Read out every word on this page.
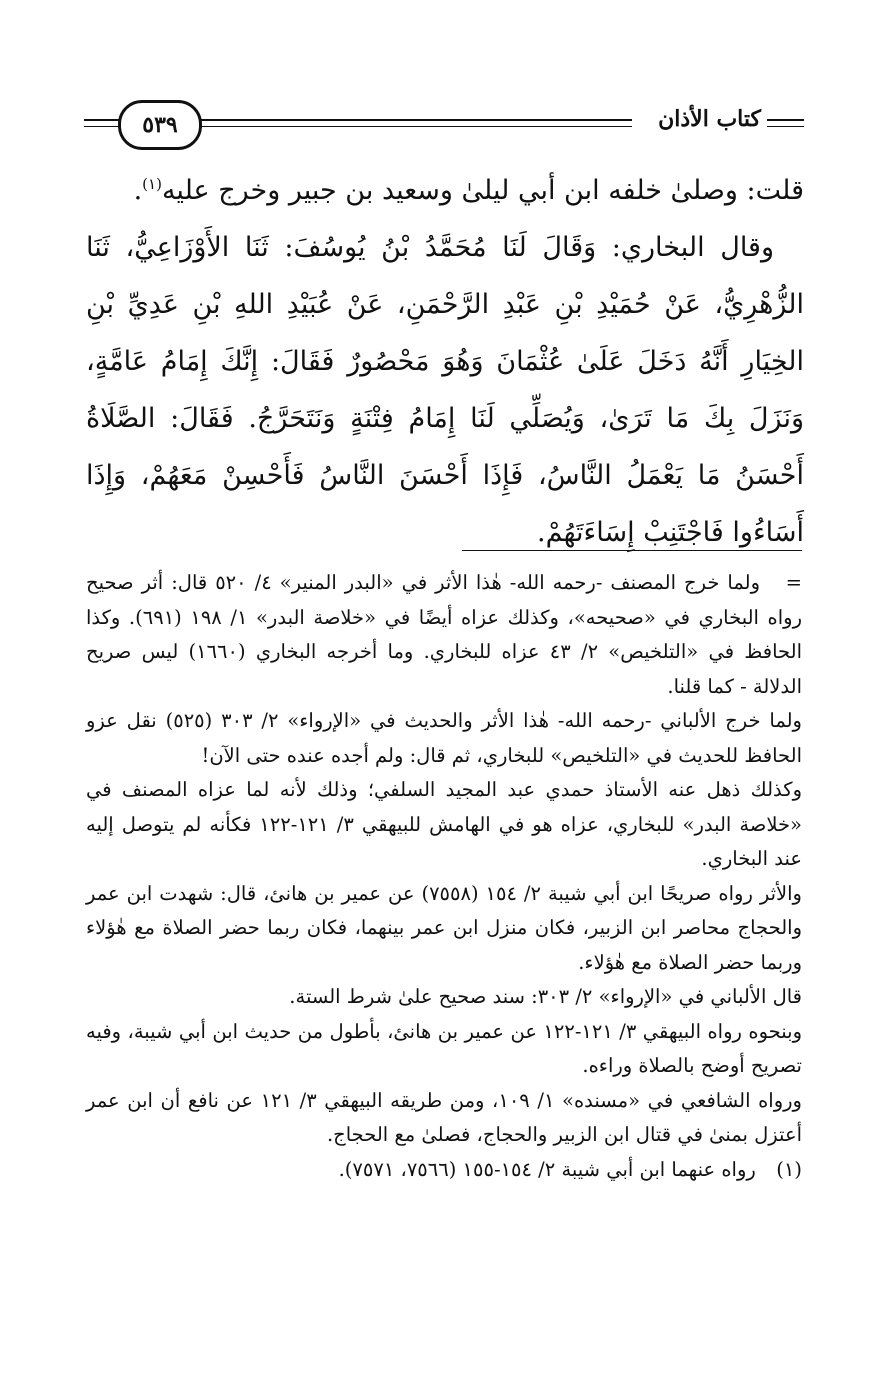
٥٣٩	كتاب الأذان

قلت: وصلىٰ خلفه ابن أبي ليلىٰ وسعيد بن جبير وخرج عليه$^{(١)}$.

وقال البخاري: وَقَالَ لَنَا مُحَمَّدُ بْنُ يُوسُفَ: ثَنَا الأَوْزَاعِيُّ، ثَنَا الزُّهْرِيُّ، عَنْ حُمَيْدِ بْنِ عَبْدِ الرَّحْمَنِ، عَنْ عُبَيْدِ اللهِ بْنِ عَدِيِّ بْنِ الخِيَارِ أَنَّهُ دَخَلَ عَلَىٰ عُثْمَانَ وَهُوَ مَحْصُورٌ فَقَالَ: إِنَّكَ إِمَامُ عَامَّةٍ، وَنَزَلَ بِكَ مَا تَرَىٰ، وَيُصَلِّي لَنَا إِمَامُ فِتْنَةٍ وَنَتَحَرَّجُ. فَقَالَ: الصَّلَاةُ أَحْسَنُ مَا يَعْمَلُ النَّاسُ، فَإِذَا أَحْسَنَ النَّاسُ فَأَحْسِنْ مَعَهُمْ، وَإِذَا أَسَاءُوا فَاجْتَنِبْ إِسَاءَتَهُمْ.

= ولما خرج المصنف -رحمه الله- هٰذا الأثر في «البدر المنير» ٤/ ٥٢٠ قال: أثر صحيح رواه البخاري في «صحيحه»، وكذلك عزاه أيضًا في «خلاصة البدر» ١/ ١٩٨ (٦٩١). وكذا الحافظ في «التلخيص» ٢/ ٤٣ عزاه للبخاري. وما أخرجه البخاري (١٦٦٠) ليس صريح الدلالة - كما قلنا.

ولما خرج الألباني -رحمه الله- هٰذا الأثر والحديث في «الإرواء» ٢/ ٣٠٣ (٥٢٥) نقل عزو الحافظ للحديث في «التلخيص» للبخاري، ثم قال: ولم أجده عنده حتى الآن!

وكذلك ذهل عنه الأستاذ حمدي عبد المجيد السلفي؛ وذلك لأنه لما عزاه المصنف في «خلاصة البدر» للبخاري، عزاه هو في الهامش للبيهقي ٣/ ١٢١-١٢٢ فكأنه لم يتوصل إليه عند البخاري.

والأثر رواه صريحًا ابن أبي شيبة ٢/ ١٥٤ (٧٥٥٨) عن عمير بن هانئ، قال: شهدت ابن عمر والحجاج محاصر ابن الزبير، فكان منزل ابن عمر بينهما، فكان ربما حضر الصلاة مع هٰؤلاء وربما حضر الصلاة مع هٰؤلاء.

قال الألباني في «الإرواء» ٢/ ٣٠٣: سند صحيح علىٰ شرط الستة.

وبنحوه رواه البيهقي ٣/ ١٢١-١٢٢ عن عمير بن هانئ، بأطول من حديث ابن أبي شيبة، وفيه تصريح أوضح بالصلاة وراءه.

ورواه الشافعي في «مسنده» ١/ ١٠٩، ومن طريقه البيهقي ٣/ ١٢١ عن نافع أن ابن عمر أعتزل بمنىٰ في قتال ابن الزبير والحجاج، فصلىٰ مع الحجاج.

(١) رواه عنهما ابن أبي شيبة ٢/ ١٥٤-١٥٥ (٧٥٦٦، ٧٥٧١).
